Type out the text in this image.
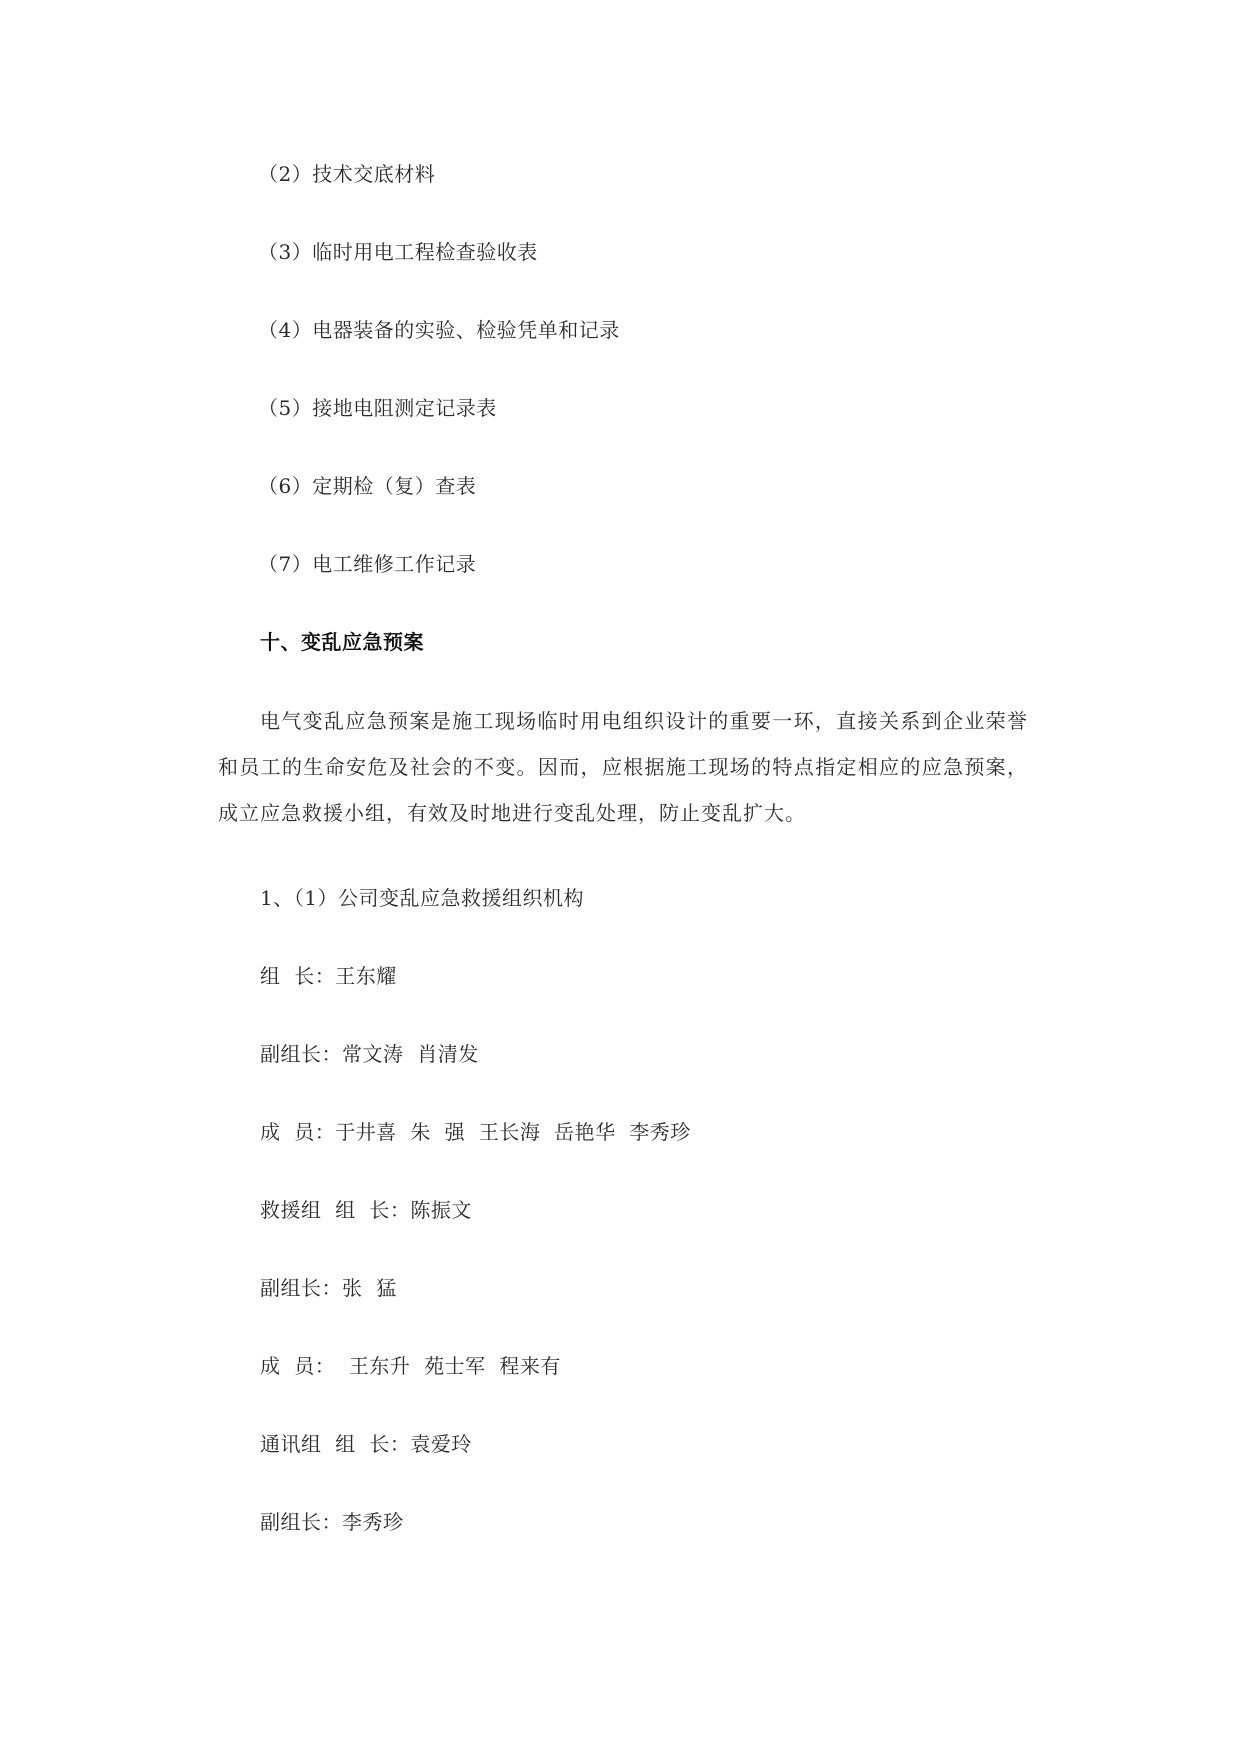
（2）技术交底材料
（3）临时用电工程检查验收表
（4）电器装备的实验、检验凭单和记录
（5）接地电阻测定记录表
（6）定期检（复）查表
（7）电工维修工作记录
十、变乱应急预案
电气变乱应急预案是施工现场临时用电组织设计的重要一环，直接关系到企业荣誉和员工的生命安危及社会的不变。因而，应根据施工现场的特点指定相应的应急预案，成立应急救援小组，有效及时地进行变乱处理，防止变乱扩大。
1、（1）公司变乱应急救援组织机构
组  长：王东耀
副组长：常文涛  肖清发
成  员：于井喜  朱  强  王长海  岳艳华  李秀珍
救援组  组  长：陈振文
副组长：张  猛
成  员：  王东升  苑士军  程来有
通讯组  组  长：袁爱玲
副组长：李秀珍
